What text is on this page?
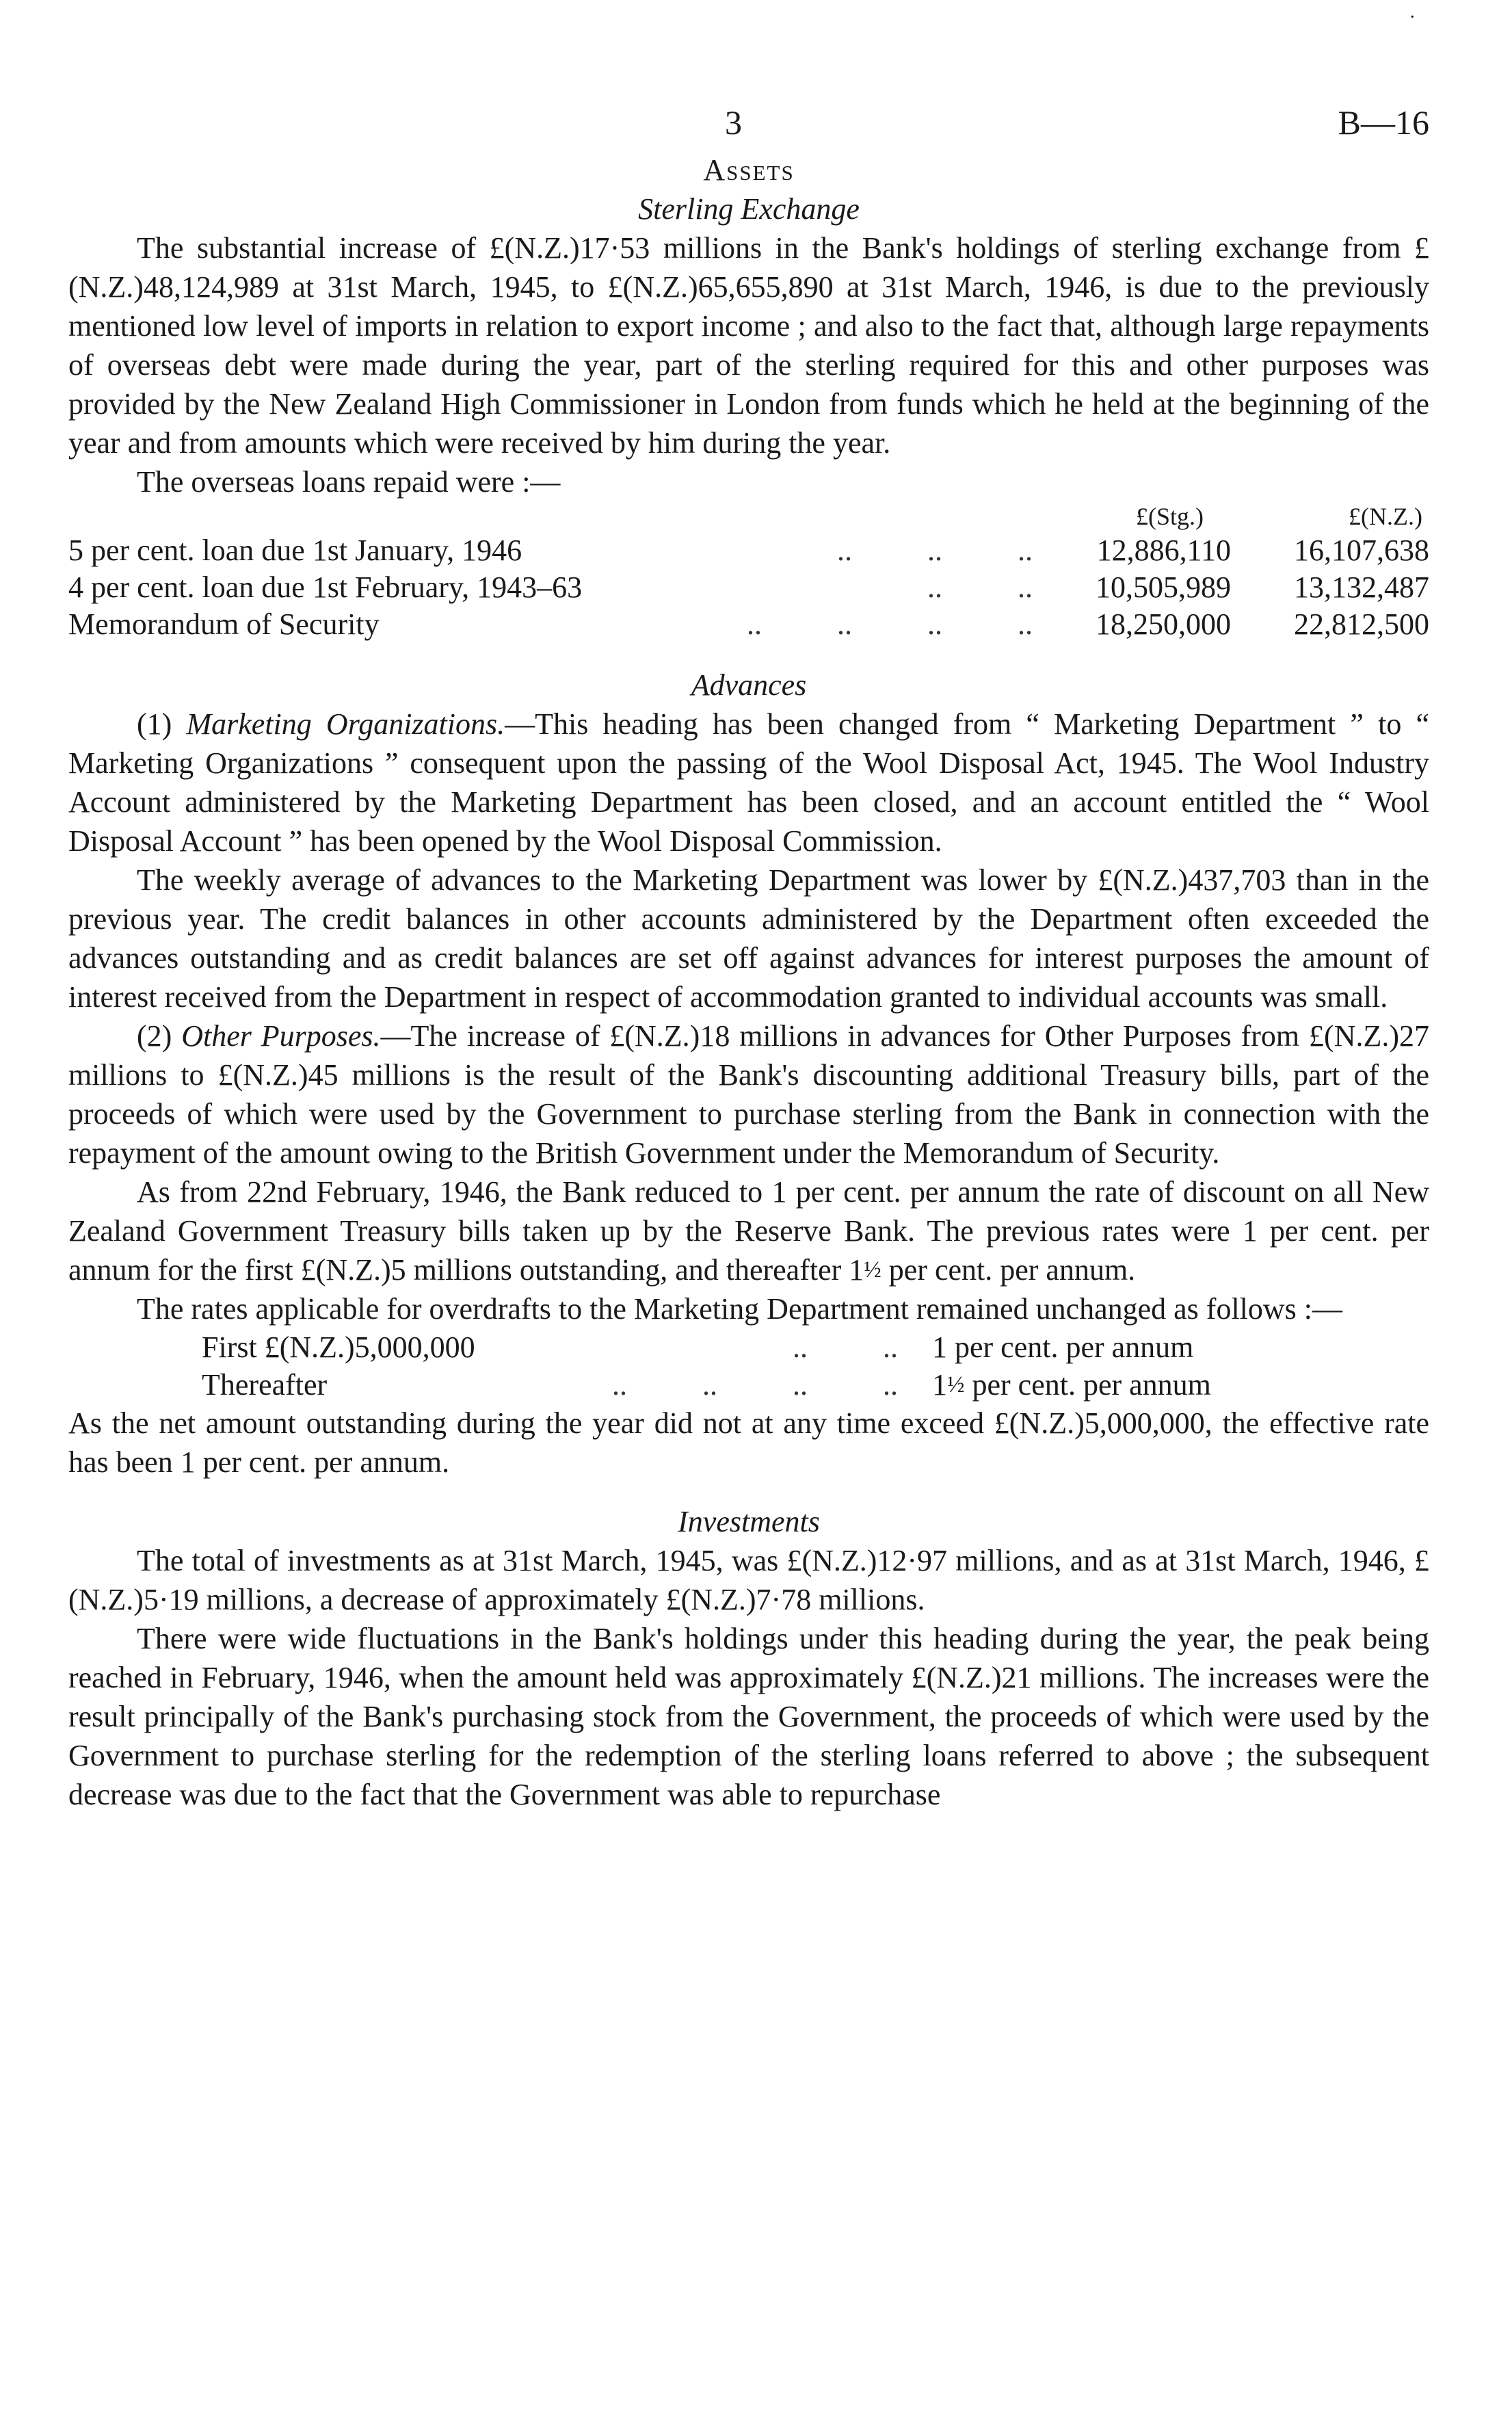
·
3	B—16
Assets
Sterling Exchange

The substantial increase of £(N.Z.)17·53 millions in the Bank's holdings of sterling exchange from £(N.Z.)48,124,989 at 31st March, 1945, to £(N.Z.)65,655,890 at 31st March, 1946, is due to the previously mentioned low level of imports in relation to export income ; and also to the fact that, although large repayments of overseas debt were made during the year, part of the sterling required for this and other purposes was provided by the New Zealand High Commissioner in London from funds which he held at the beginning of the year and from amounts which were received by him during the year.

The overseas loans repaid were :—

		£(Stg.)	£(N.Z.)
5 per cent. loan due 1st January, 1946	..          ..          ..	12,886,110	16,107,638
4 per cent. loan due 1st February, 1943–63	..          ..	10,505,989	13,132,487
Memorandum of Security	..          ..          ..          ..	18,250,000	22,812,500
Advances

(1) Marketing Organizations.—This heading has been changed from “ Marketing Department ” to “ Marketing Organizations ” consequent upon the passing of the Wool Disposal Act, 1945. The Wool Industry Account administered by the Marketing Department has been closed, and an account entitled the “ Wool Disposal Account ” has been opened by the Wool Disposal Commission.

The weekly average of advances to the Marketing Department was lower by £(N.Z.)437,703 than in the previous year. The credit balances in other accounts administered by the Department often exceeded the advances outstanding and as credit balances are set off against advances for interest purposes the amount of interest received from the Department in respect of accommodation granted to individual accounts was small.

(2) Other Purposes.—The increase of £(N.Z.)18 millions in advances for Other Purposes from £(N.Z.)27 millions to £(N.Z.)45 millions is the result of the Bank's discounting additional Treasury bills, part of the proceeds of which were used by the Government to purchase sterling from the Bank in connection with the repayment of the amount owing to the British Government under the Memorandum of Security.

As from 22nd February, 1946, the Bank reduced to 1 per cent. per annum the rate of discount on all New Zealand Government Treasury bills taken up by the Reserve Bank. The previous rates were 1 per cent. per annum for the first £(N.Z.)5 millions outstanding, and thereafter 1½ per cent. per annum.

The rates applicable for overdrafts to the Marketing Department remained unchanged as follows :—

First £(N.Z.)5,000,000	..          ..	1 per cent. per annum
Thereafter	..          ..          ..          ..	1½ per cent. per annum

As the net amount outstanding during the year did not at any time exceed £(N.Z.)5,000,000, the effective rate has been 1 per cent. per annum.

Investments

The total of investments as at 31st March, 1945, was £(N.Z.)12·97 millions, and as at 31st March, 1946, £(N.Z.)5·19 millions, a decrease of approximately £(N.Z.)7·78 millions.

There were wide fluctuations in the Bank's holdings under this heading during the year, the peak being reached in February, 1946, when the amount held was approximately £(N.Z.)21 millions. The increases were the result principally of the Bank's purchasing stock from the Government, the proceeds of which were used by the Government to purchase sterling for the redemption of the sterling loans referred to above ; the subsequent decrease was due to the fact that the Government was able to repurchase
